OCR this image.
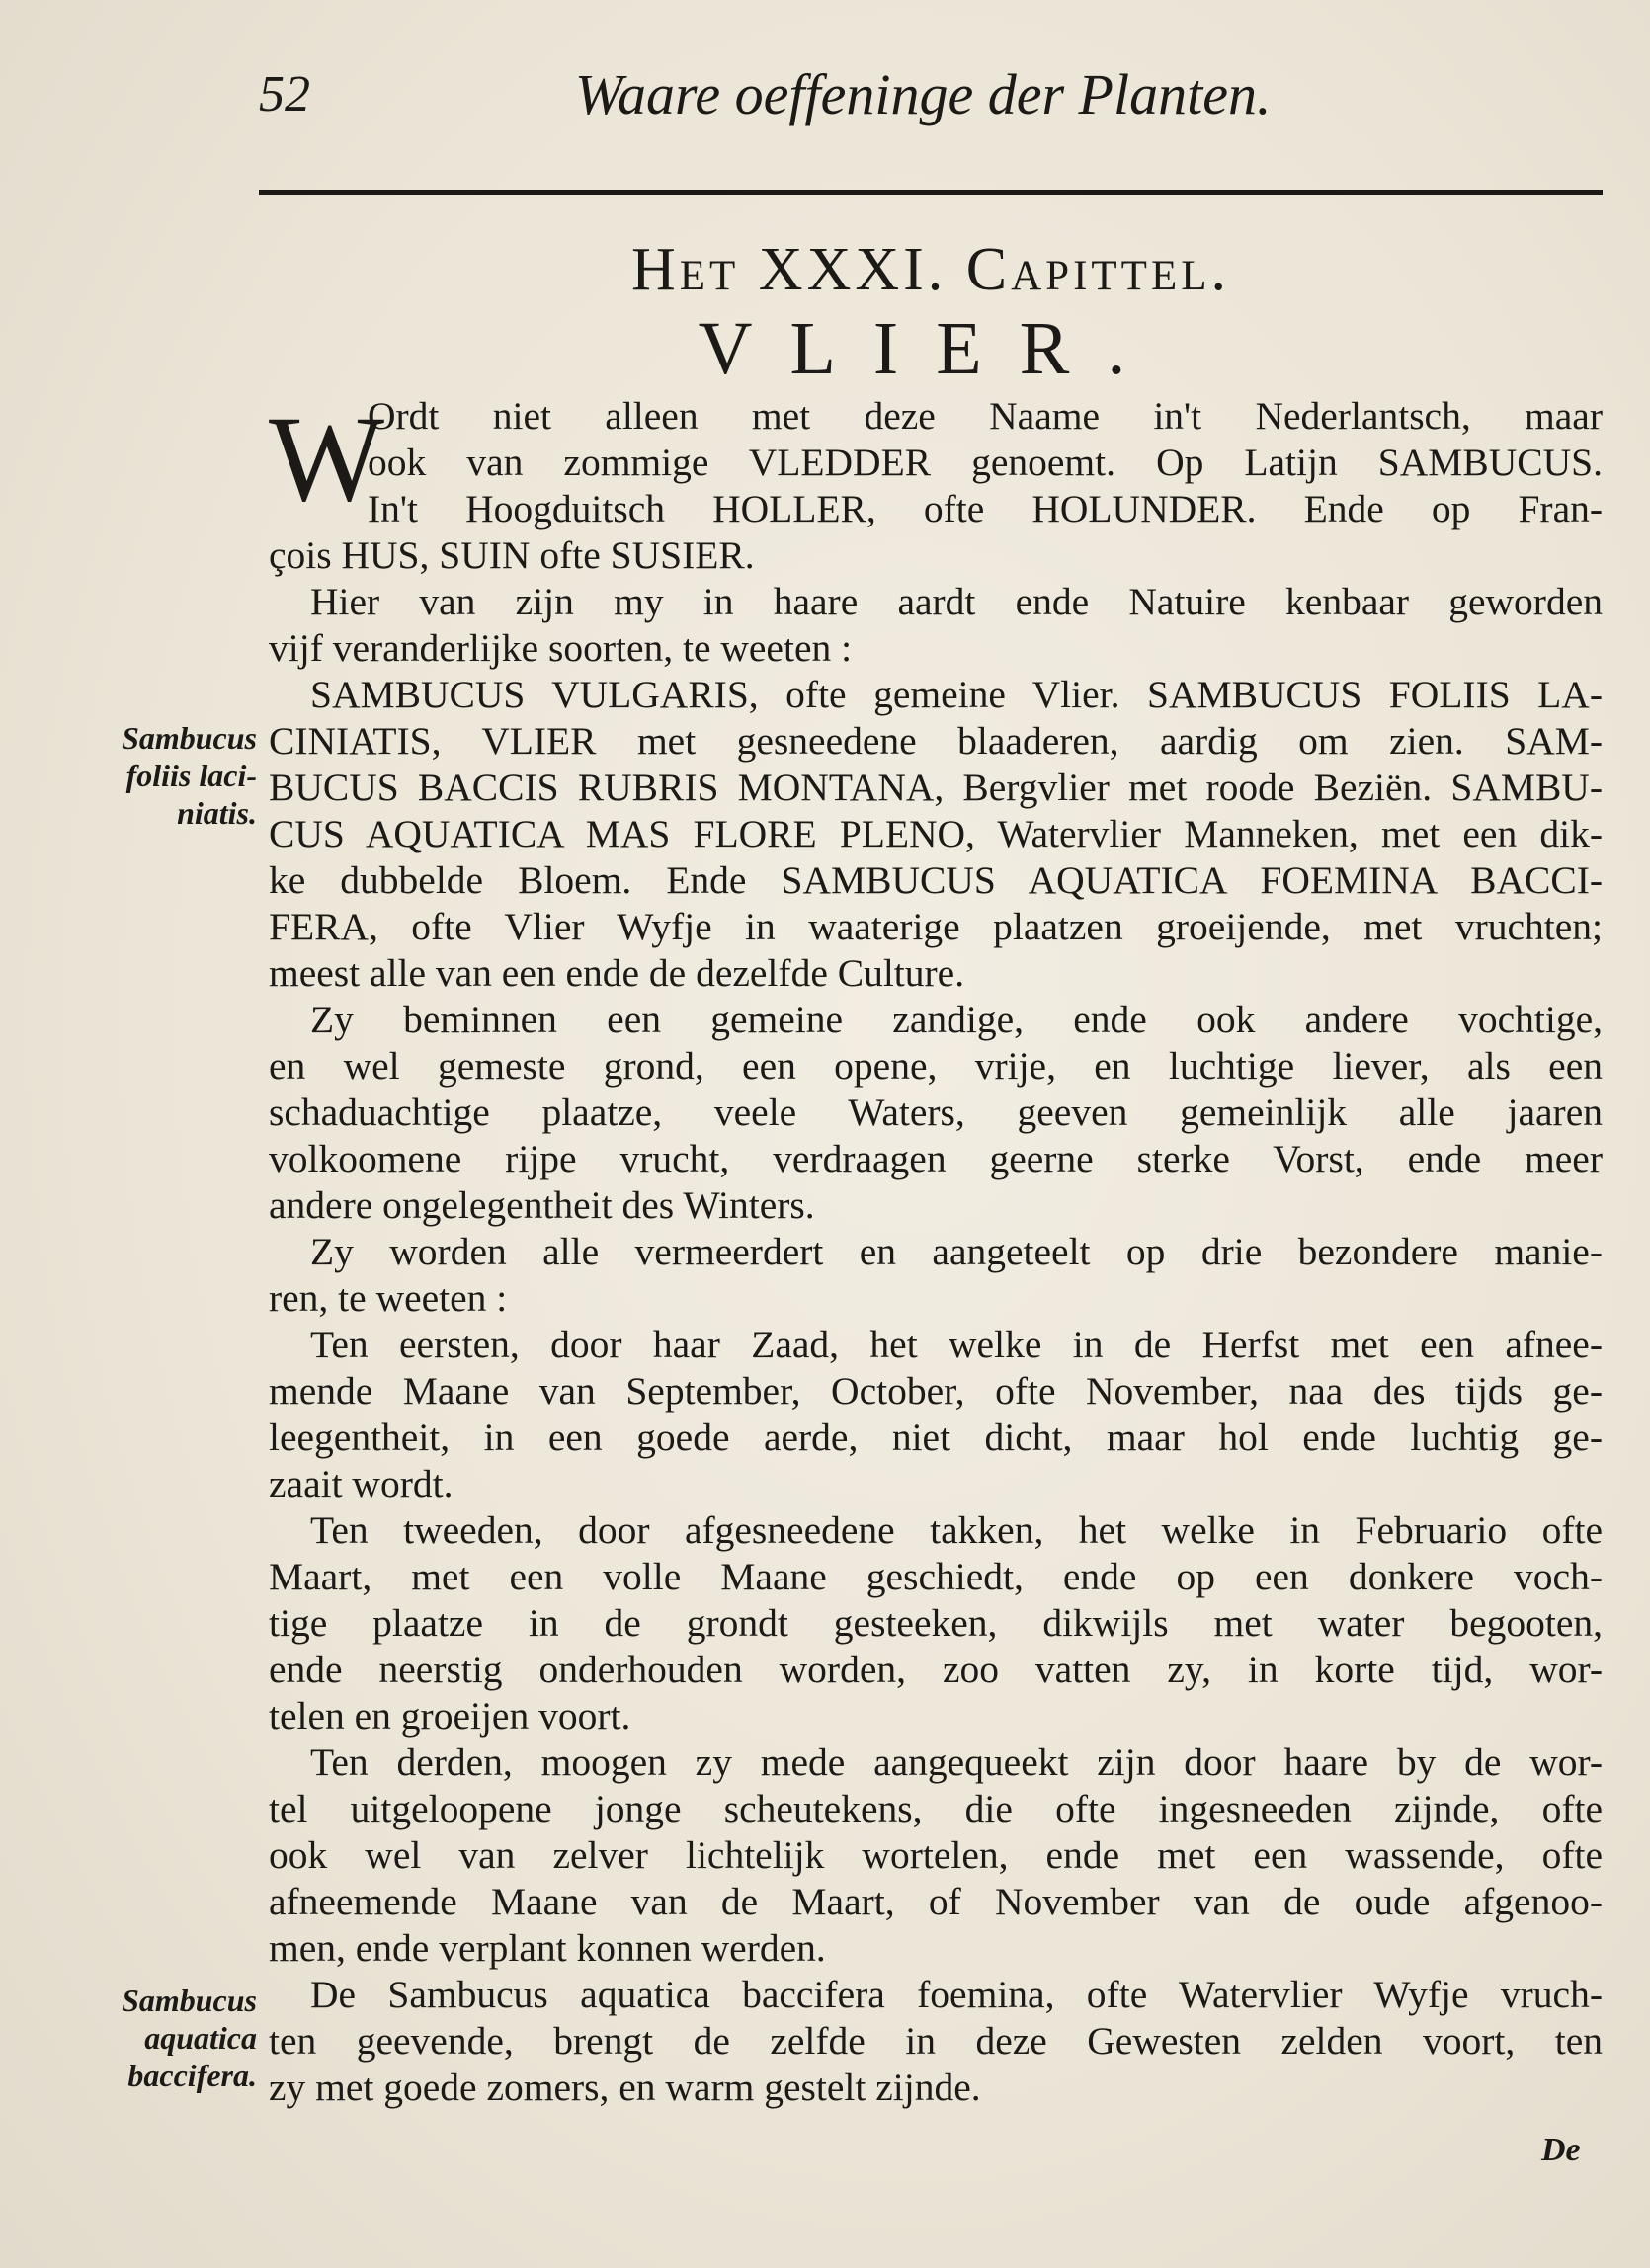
52	Waare oeffeninge der Planten.
Het XXXI. Capittel.
VLIER.
W
Ordt niet alleen met deze Naame in't Nederlantsch, maar
ook van zommige VLEDDER genoemt. Op Latijn SAMBUCUS.
In't Hoogduitsch HOLLER, ofte HOLUNDER. Ende op Fran-
çois HUS, SUIN ofte SUSIER.
Hier van zijn my in haare aardt ende Natuire kenbaar geworden
vijf veranderlijke soorten, te weeten :
SAMBUCUS VULGARIS, ofte gemeine Vlier. SAMBUCUS FOLIIS LA-
CINIATIS, VLIER met gesneedene blaaderen, aardig om zien. SAM-
BUCUS BACCIS RUBRIS MONTANA, Bergvlier met roode Beziën. SAMBU-
CUS AQUATICA MAS FLORE PLENO, Watervlier Manneken, met een dik-
ke dubbelde Bloem. Ende SAMBUCUS AQUATICA FOEMINA BACCI-
FERA, ofte Vlier Wyfje in waaterige plaatzen groeijende, met vruchten;
meest alle van een ende de dezelfde Culture.
Zy beminnen een gemeine zandige, ende ook andere vochtige,
en wel gemeste grond, een opene, vrije, en luchtige liever, als een
schaduachtige plaatze, veele Waters, geeven gemeinlijk alle jaaren
volkoomene rijpe vrucht, verdraagen geerne sterke Vorst, ende meer
andere ongelegentheit des Winters.
Zy worden alle vermeerdert en aangeteelt op drie bezondere manie-
ren, te weeten :
Ten eersten, door haar Zaad, het welke in de Herfst met een afnee-
mende Maane van September, October, ofte November, naa des tijds ge-
leegentheit, in een goede aerde, niet dicht, maar hol ende luchtig ge-
zaait wordt.
Ten tweeden, door afgesneedene takken, het welke in Februario ofte
Maart, met een volle Maane geschiedt, ende op een donkere voch-
tige plaatze in de grondt gesteeken, dikwijls met water begooten,
ende neerstig onderhouden worden, zoo vatten zy, in korte tijd, wor-
telen en groeijen voort.
Ten derden, moogen zy mede aangequeekt zijn door haare by de wor-
tel uitgeloopene jonge scheutekens, die ofte ingesneeden zijnde, ofte
ook wel van zelver lichtelijk wortelen, ende met een wassende, ofte
afneemende Maane van de Maart, of November van de oude afgenoo-
men, ende verplant konnen werden.
De Sambucus aquatica baccifera foemina, ofte Watervlier Wyfje vruch-
ten geevende, brengt de zelfde in deze Gewesten zelden voort, ten
zy met goede zomers, en warm gestelt zijnde.
Sambucus
foliis laci-
niatis.
Sambucus
aquatica
baccifera.
De
